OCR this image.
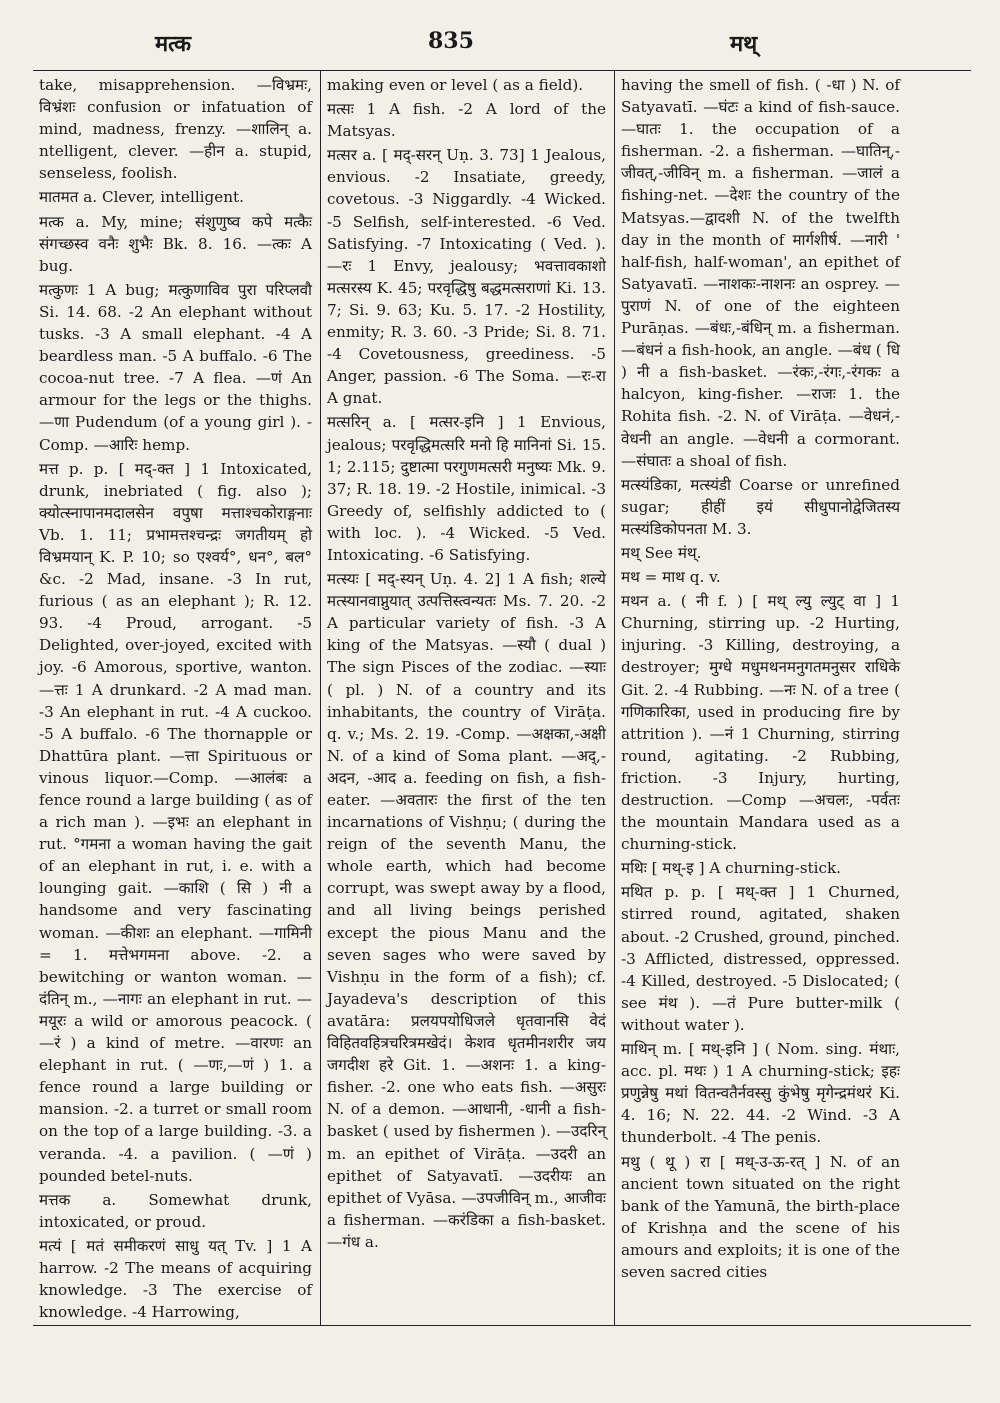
मत्क	835	मथ्

take, misapprehension. —विभ्रमः, विभ्रंशः confusion or infatuation of mind, madness, frenzy. —शालिन् a. ntelligent, clever. —हीन a. stupid, senseless, foolish.

मातमत a. Clever, intelligent.

मत्क a. My, mine; संशुणुष्व कपे मत्कैः संगच्छस्व वनैः शुभैः Bk. 8. 16. —त्कः A bug.

मत्कुणः 1 A bug; मत्कुणाविव पुरा परिप्लवौ Si. 14. 68. -2 An elephant without tusks. -3 A small elephant. -4 A beardless man. -5 A buffalo. -6 The cocoa-nut tree. -7 A flea. —णं An armour for the legs or the thighs.—णा Pudendum (of a young girl ). -Comp. —आरिः hemp.

मत्त p. p. [ मद्-क्त ] 1 Intoxicated, drunk, inebriated ( fig. also ); क्योत्स्नापानमदालसेन वपुषा मत्ताश्चकोराङ्गनाः Vb. 1. 11; प्रभामत्तश्चन्द्रः जगतीयम् हो विभ्रमयान् K. P. 10; so एश्वर्य°, धन°, बल° &c. -2 Mad, insane. -3 In rut, furious ( as an elephant ); R. 12. 93. -4 Proud, arrogant. -5 Delighted, over-joyed, excited with joy. -6 Amorous, sportive, wanton. —त्तः 1 A drunkard. -2 A mad man. -3 An elephant in rut. -4 A cuckoo. -5 A buffalo. -6 The thornapple or Dhattūra plant. —त्ता Spirituous or vinous liquor.—Comp. —आलंबः a fence round a large building ( as of a rich man ). —इभः an elephant in rut. °गमना a woman having the gait of an elephant in rut, i. e. with a lounging gait. —काशि ( सि ) नी a handsome and very fascinating woman. —कीशः an elephant. —गामिनी = 1. मत्तेभगमना above. -2. a bewitching or wanton woman. —दंतिन् m., —नागः an elephant in rut. —मयूरः a wild or amorous peacock. ( —रं ) a kind of metre. —वारणः an elephant in rut. ( —णः,—णं ) 1. a fence round a large building or mansion. -2. a turret or small room on the top of a large building. -3. a veranda. -4. a pavilion. ( —णं ) pounded betel-nuts.

मत्तक a. Somewhat drunk, intoxicated, or proud.

मत्यं [ मतं समीकरणं साधु यत् Tv. ] 1 A harrow. -2 The means of acquiring knowledge. -3 The exercise of knowledge. -4 Harrowing,

making even or level ( as a field).

मत्सः 1 A fish. -2 A lord of the Matsyas.

मत्सर a. [ मद्-सरन् Uṇ. 3. 73] 1 Jealous, envious. -2 Insatiate, greedy, covetous. -3 Niggardly. -4 Wicked. -5 Selfish, self-interested. -6 Ved. Satisfying. -7 Intoxicating ( Ved. ). —रः 1 Envy, jealousy; भवत्तावकाशो मत्सरस्य K. 45; परवृद्धिषु बद्धमत्सराणां Ki. 13. 7; Si. 9. 63; Ku. 5. 17. -2 Hostility, enmity; R. 3. 60. -3 Pride; Si. 8. 71. -4 Covetousness, greediness. -5 Anger, passion. -6 The Soma. —रः-रा A gnat.

मत्सरिन् a. [ मत्सर-इनि ] 1 Envious, jealous; परवृद्धिमत्सरि मनो हि मानिनां Si. 15. 1; 2.115; दुष्टात्मा परगुणमत्सरी मनुष्यः Mk. 9. 37; R. 18. 19. -2 Hostile, inimical. -3 Greedy of, selfishly addicted to ( with loc. ). -4 Wicked. -5 Ved. Intoxicating. -6 Satisfying.

मत्स्यः [ मद्-स्यन् Uṇ. 4. 2] 1 A fish; शल्ये मत्स्यानवाप्नुयात् उत्पत्तिस्त्वन्यतः Ms. 7. 20. -2 A particular variety of fish. -3 A king of the Matsyas. —स्यौ ( dual ) The sign Pisces of the zodiac. —स्याः ( pl. ) N. of a country and its inhabitants, the country of Virāṭa. q. v.; Ms. 2. 19. -Comp. —अक्षका,-अक्षी N. of a kind of Soma plant. —अद्,-अदन, -आद a. feeding on fish, a fish-eater. —अवतारः the first of the ten incarnations of Vishṇu; ( during the reign of the seventh Manu, the whole earth, which had become corrupt, was swept away by a flood, and all living beings perished except the pious Manu and the seven sages who were saved by Vishṇu in the form of a fish); cf. Jayadeva's description of this avatāra: प्रलयपयोधिजले धृतवानसि वेदं विहितवहित्रचरित्रमखेदं। केशव धृतमीनशरीर जय जगदीश हरे Git. 1. —अशनः 1. a king-fisher. -2. one who eats fish. —असुरः N. of a demon. —आधानी, -धानी a fish-basket ( used by fishermen ). —उदरिन् m. an epithet of Virāṭa. —उदरी an epithet of Satyavatī. —उदरीयः an epithet of Vyāsa. —उपजीविन् m., आजीवः a fisherman. —करंडिका a fish-basket. —गंध a.

having the smell of fish. ( -धा ) N. of Satyavatī. —घंटः a kind of fish-sauce. —घातः 1. the occupation of a fisherman. -2. a fisherman. —घातिन्,-जीवत्,-जीविन् m. a fisherman. —जालं a fishing-net. —देशः the country of the Matsyas.—द्वादशी N. of the twelfth day in the month of मार्गशीर्ष. —नारी ' half-fish, half-woman', an epithet of Satyavatī. —नाशकः-नाशनः an osprey. —पुराणं N. of one of the eighteen Purāṇas. —बंधः,-बंधिन् m. a fisherman. —बंधनं a fish-hook, an angle. —बंध ( धि ) नी a fish-basket. —रंकः,-रंगः,-रंगकः a halcyon, king-fisher. —राजः 1. the Rohita fish. -2. N. of Virāṭa. —वेधनं,-वेधनी an angle. —वेधनी a cormorant. —संघातः a shoal of fish.

मत्स्यंडिका, मत्स्यंडी Coarse or unrefined sugar; हीहीं इयं सीधुपानोद्वेजितस्य मत्स्यंडिकोपनता M. 3.

मथ् See मंथ्.

मथ = माथ q. v.

मथन a. ( नी f. ) [ मथ् ल्यु ल्युट् वा ] 1 Churning, stirring up. -2 Hurting, injuring. -3 Killing, destroying, a destroyer; मुग्धे मधुमथनमनुगतमनुसर राधिके Git. 2. -4 Rubbing. —नः N. of a tree ( गणिकारिका, used in producing fire by attrition ). —नं 1 Churning, stirring round, agitating. -2 Rubbing, friction. -3 Injury, hurting, destruction. —Comp —अचलः, -पर्वतः the mountain Mandara used as a churning-stick.

मथिः [ मथ्-इ ] A churning-stick.

मथित p. p. [ मथ्-क्त ] 1 Churned, stirred round, agitated, shaken about. -2 Crushed, ground, pinched. -3 Afflicted, distressed, oppressed. -4 Killed, destroyed. -5 Dislocated; ( see मंथ ). —तं Pure butter-milk ( without water ).

माथिन् m. [ मथ्-इनि ] ( Nom. sing. मंथाः, acc. pl. मथः ) 1 A churning-stick; इहः प्रणुन्नेषु मथां वितन्वतैर्नवस्सु कुंभेषु मृगेन्द्रमंथरं Ki. 4. 16; N. 22. 44. -2 Wind. -3 A thunderbolt. -4 The penis.

मथु ( थू ) रा [ मथ्-उ-ऊ-रत् ] N. of an ancient town situated on the right bank of the Yamunā, the birth-place of Krishṇa and the scene of his amours and exploits; it is one of the seven sacred cities
